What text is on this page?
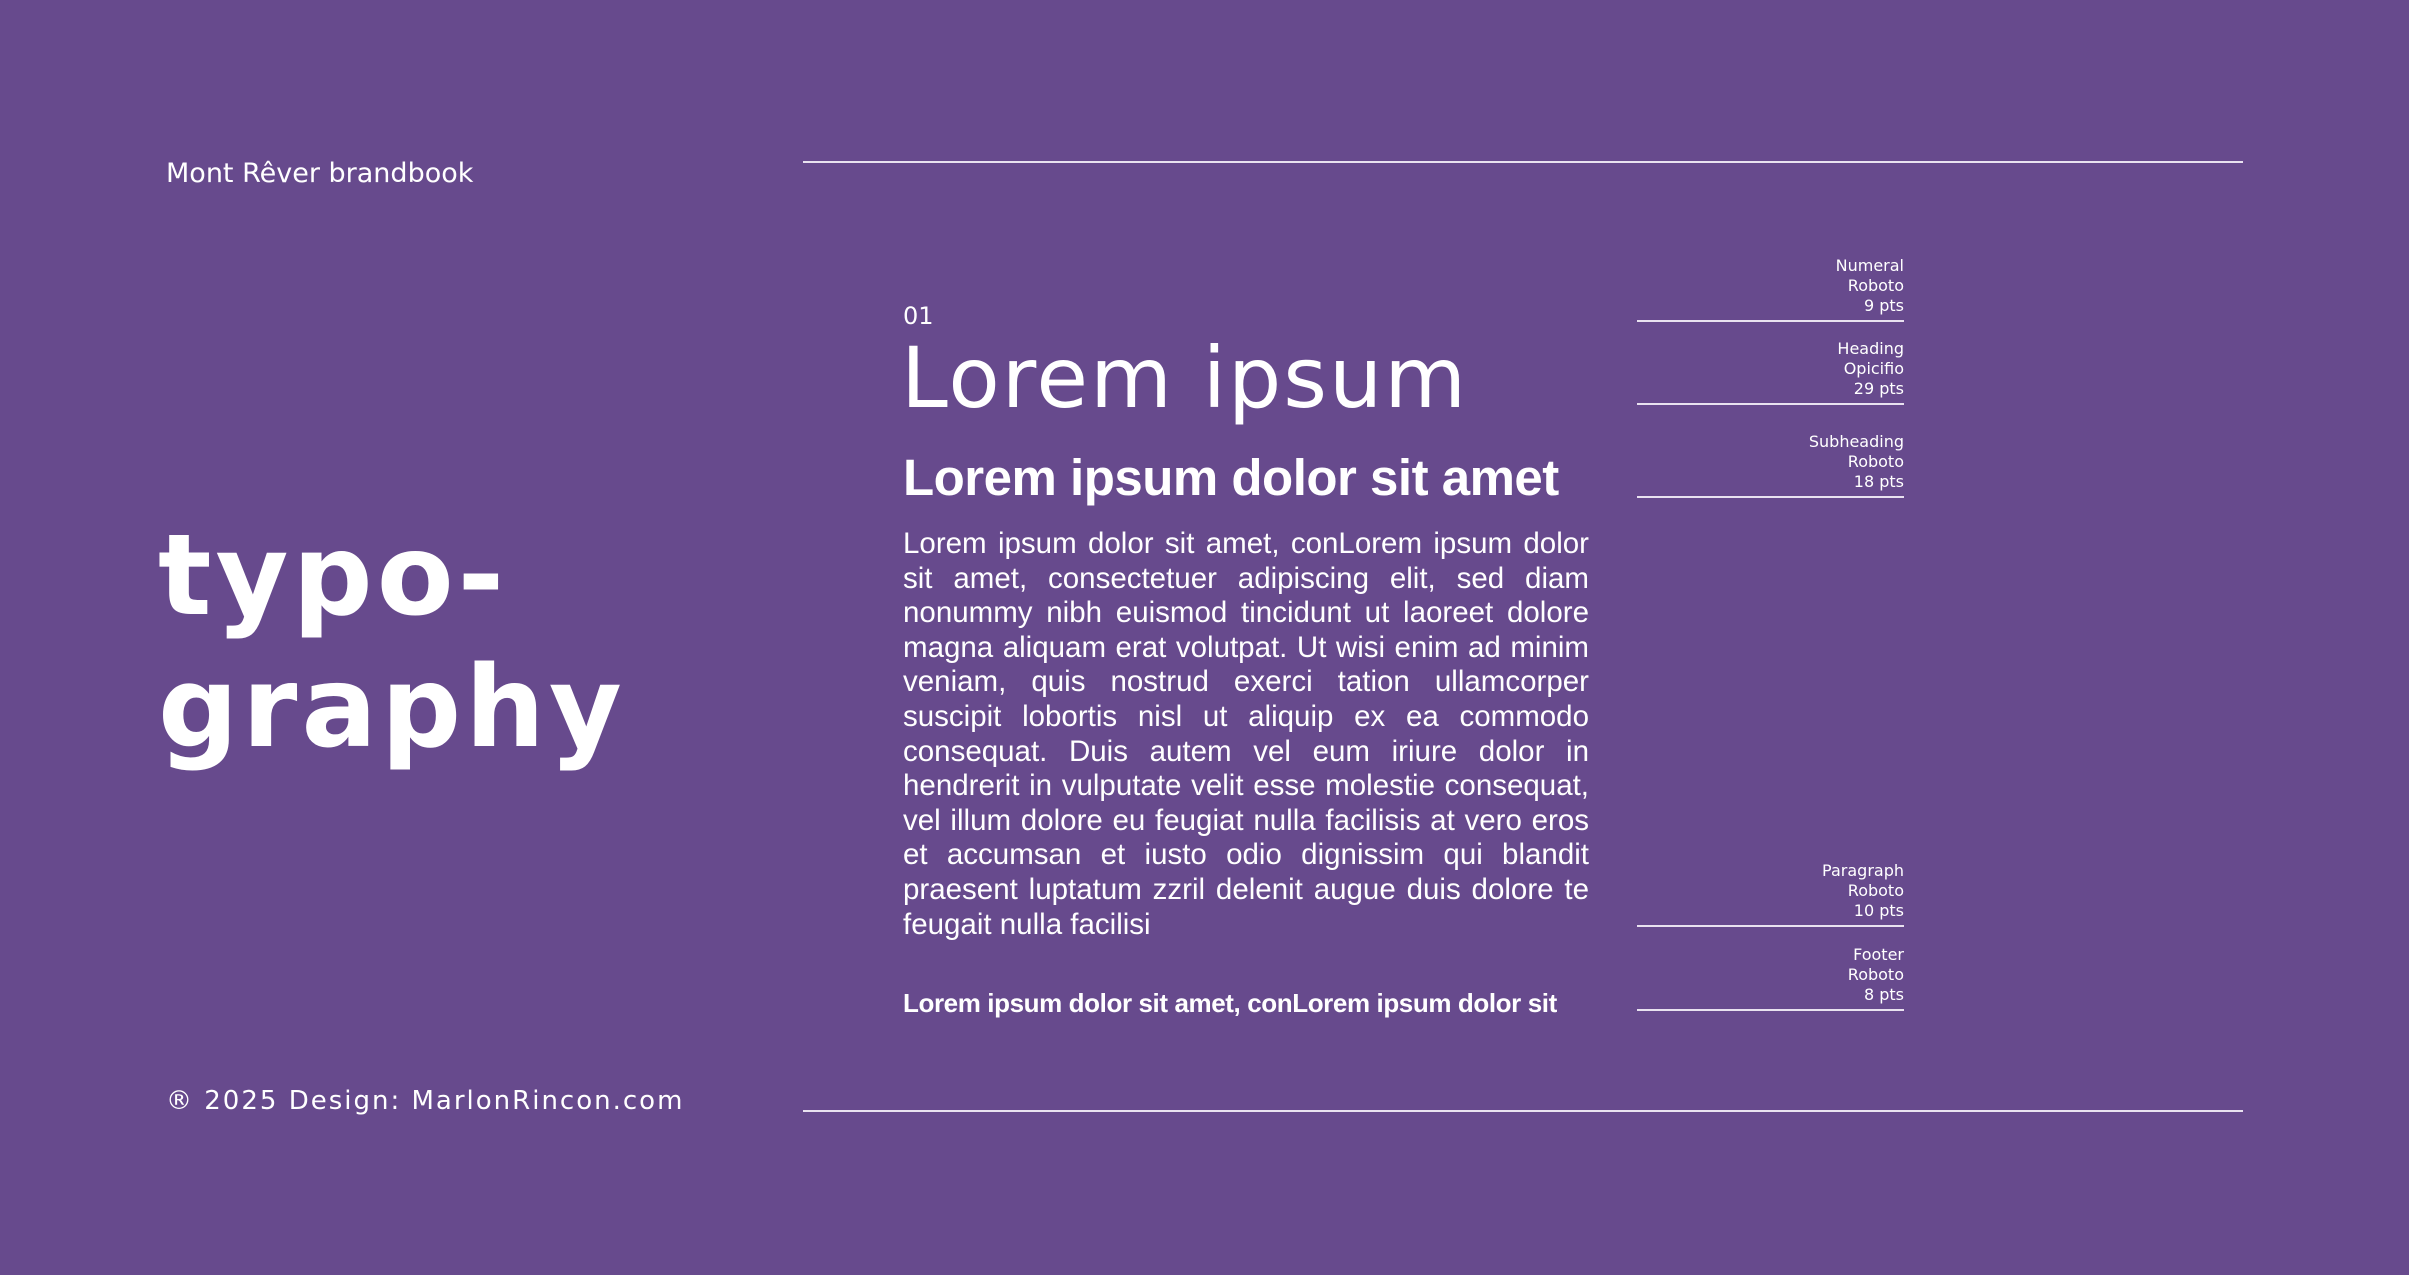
Mont Rêver brandbook
typo-
graphy
01
Lorem ipsum
Lorem ipsum dolor sit amet

Lorem ipsum dolor sit amet, conLorem ipsum dolor sit amet, consectetuer adipiscing elit, sed diam nonummy nibh euismod tincidunt ut laoreet dolore magna aliquam erat volutpat. Ut wisi enim ad minim veniam, quis nostrud exerci tation ullamcorper suscipit lobortis nisl ut aliquip ex ea commodo consequat. Duis autem vel eum iriure dolor in hendrerit in vulputate velit esse molestie consequat, vel illum dolore eu feugiat nulla facilisis at vero eros et accumsan et iusto odio dignissim qui blandit praesent luptatum zzril delenit augue duis dolore te feugait nulla facilisi

Lorem ipsum dolor sit amet, conLorem ipsum dolor sit
Numeral
Roboto
9 pts
Heading
Opicifio
29 pts
Subheading
Roboto
18 pts
Paragraph
Roboto
10 pts
Footer
Roboto
8 pts
® 2025 Design: MarlonRincon.com
